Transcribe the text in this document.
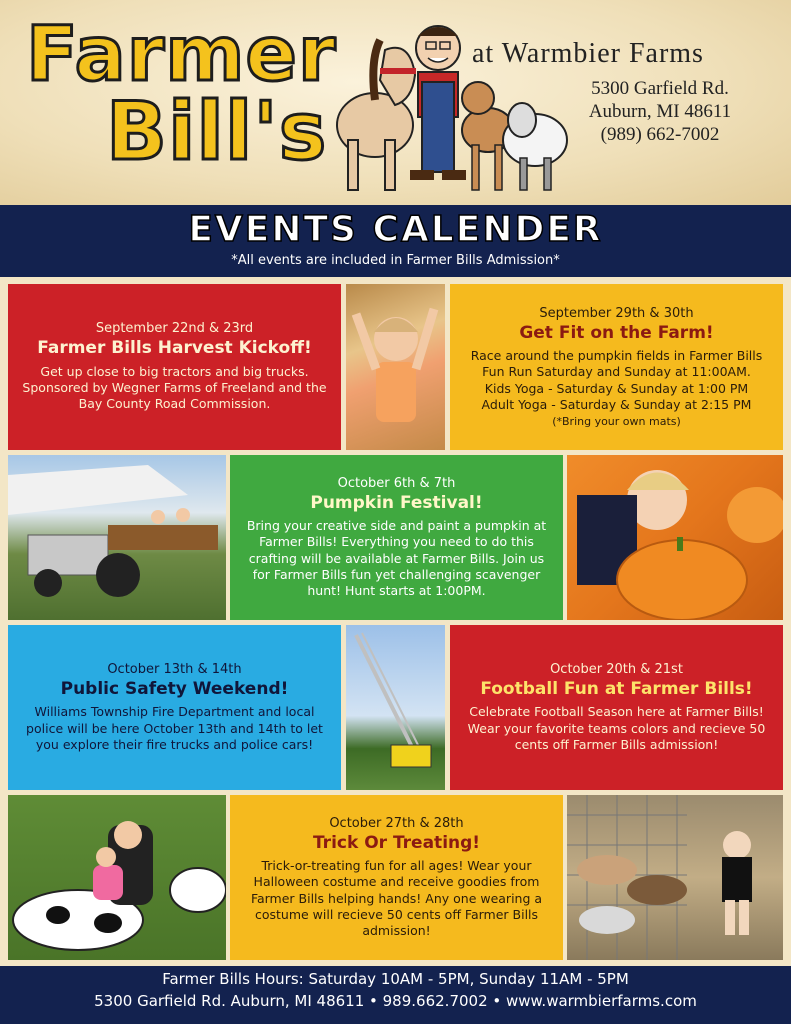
Farmer
Bill's
at Warmbier Farms
5300 Garfield Rd.
Auburn, MI 48611
(989) 662-7002
EVENTS CALENDER
*All events are included in Farmer Bills Admission*
September 22nd & 23rd
Farmer Bills Harvest Kickoff!
Get up close to big tractors and big trucks. Sponsored by Wegner Farms of Freeland and the Bay County Road Commission.
September 29th & 30th
Get Fit on the Farm!
Race around the pumpkin fields in Farmer Bills Fun Run Saturday and Sunday at 11:00AM.
Kids Yoga - Saturday & Sunday at 1:00 PM
Adult Yoga - Saturday & Sunday at 2:15 PM
(*Bring your own mats)
October 6th & 7th
Pumpkin Festival!
Bring your creative side and paint a pumpkin at Farmer Bills! Everything you need to do this crafting will be available at Farmer Bills. Join us for Farmer Bills fun yet challenging scavenger hunt! Hunt starts at 1:00PM.
October 13th & 14th
Public Safety Weekend!
Williams Township Fire Department and local police will be here October 13th and 14th to let you explore their fire trucks and police cars!
October 20th & 21st
Football Fun at Farmer Bills!
Celebrate Football Season here at Farmer Bills! Wear your favorite teams colors and recieve 50 cents off Farmer Bills admission!
October 27th & 28th
Trick Or Treating!
Trick-or-treating fun for all ages! Wear your Halloween costume and receive goodies from Farmer Bills helping hands! Any one wearing a costume will recieve 50 cents off Farmer Bills admission!
Farmer Bills Hours: Saturday 10AM - 5PM, Sunday 11AM - 5PM
5300 Garfield Rd. Auburn, MI 48611 • 989.662.7002 • www.warmbierfarms.com
